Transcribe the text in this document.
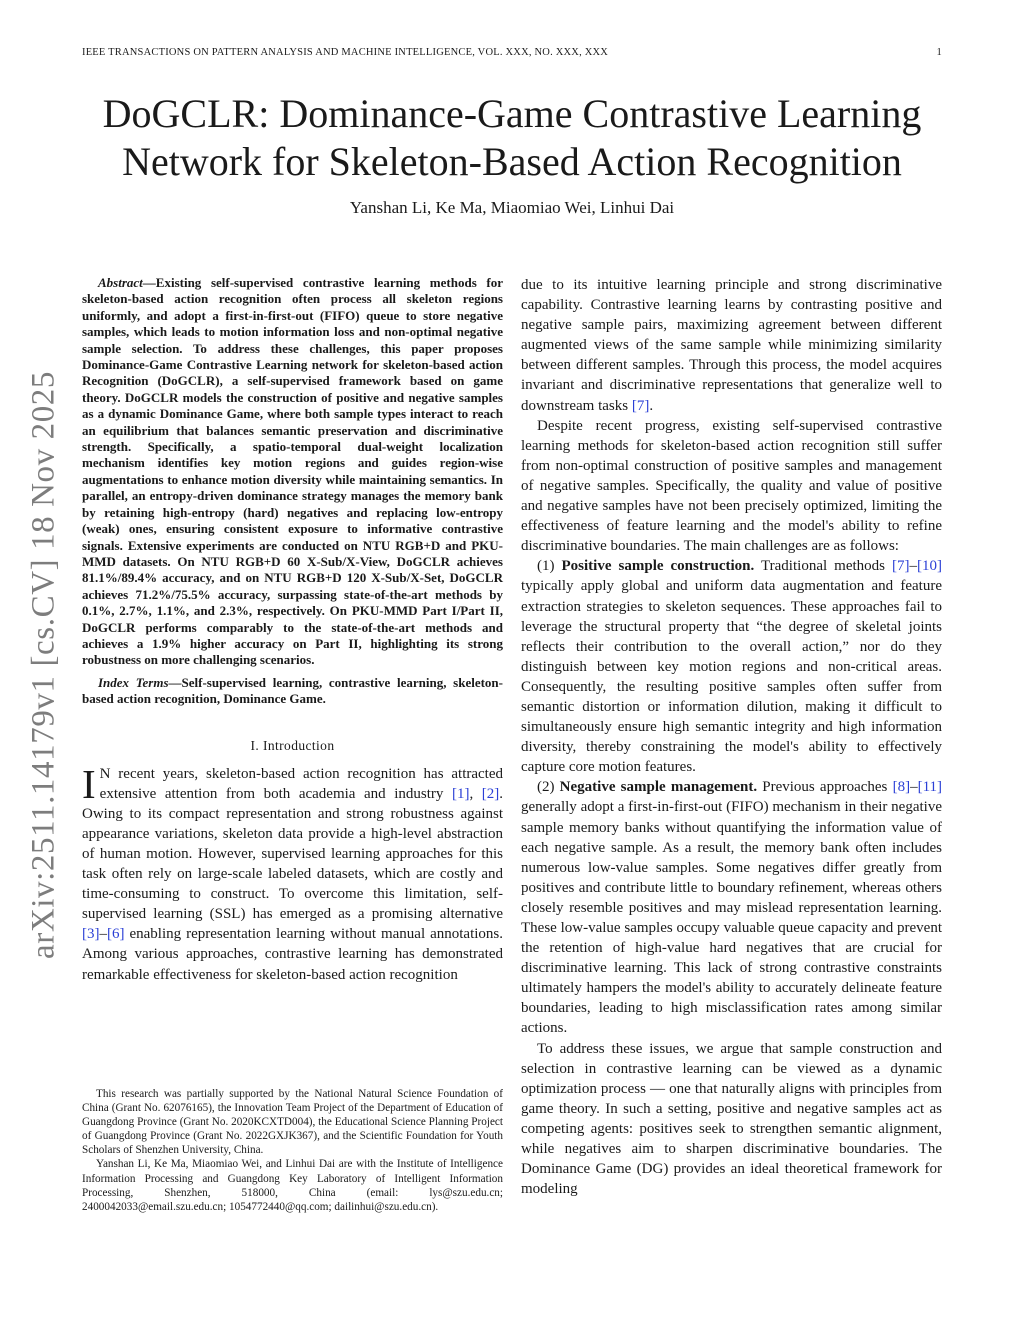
IEEE TRANSACTIONS ON PATTERN ANALYSIS AND MACHINE INTELLIGENCE, VOL. XXX, NO. XXX, XXX	1
DoGCLR: Dominance-Game Contrastive Learning
Network for Skeleton-Based Action Recognition
Yanshan Li, Ke Ma, Miaomiao Wei, Linhui Dai
arXiv:2511.14179v1 [cs.CV] 18 Nov 2025

Abstract—Existing self-supervised contrastive learning methods for skeleton-based action recognition often process all skeleton regions uniformly, and adopt a first-in-first-out (FIFO) queue to store negative samples, which leads to motion information loss and non-optimal negative sample selection. To address these challenges, this paper proposes Dominance-Game Contrastive Learning network for skeleton-based action Recognition (DoGCLR), a self-supervised framework based on game theory. DoGCLR models the construction of positive and negative samples as a dynamic Dominance Game, where both sample types interact to reach an equilibrium that balances semantic preservation and discriminative strength. Specifically, a spatio-temporal dual-weight localization mechanism identifies key motion regions and guides region-wise augmentations to enhance motion diversity while maintaining semantics. In parallel, an entropy-driven dominance strategy manages the memory bank by retaining high-entropy (hard) negatives and replacing low-entropy (weak) ones, ensuring consistent exposure to informative contrastive signals. Extensive experiments are conducted on NTU RGB+D and PKU-MMD datasets. On NTU RGB+D 60 X-Sub/X-View, DoGCLR achieves 81.1%/89.4% accuracy, and on NTU RGB+D 120 X-Sub/X-Set, DoGCLR achieves 71.2%/75.5% accuracy, surpassing state-of-the-art methods by 0.1%, 2.7%, 1.1%, and 2.3%, respectively. On PKU-MMD Part I/Part II, DoGCLR performs comparably to the state-of-the-art methods and achieves a 1.9% higher accuracy on Part II, highlighting its strong robustness on more challenging scenarios.

Index Terms—Self-supervised learning, contrastive learning, skeleton-based action recognition, Dominance Game.

I. Introduction

I N recent years, skeleton-based action recognition has attracted extensive attention from both academia and industry [1], [2]. Owing to its compact representation and strong robustness against appearance variations, skeleton data provide a high-level abstraction of human motion. However, supervised learning approaches for this task often rely on large-scale labeled datasets, which are costly and time-consuming to construct. To overcome this limitation, self-supervised learning (SSL) has emerged as a promising alternative [3]–[6] enabling representation learning without manual annotations. Among various approaches, contrastive learning has demonstrated remarkable effectiveness for skeleton-based action recognition

This research was partially supported by the National Natural Science Foundation of China (Grant No. 62076165), the Innovation Team Project of the Department of Education of Guangdong Province (Grant No. 2020KCXTD004), the Educational Science Planning Project of Guangdong Province (Grant No. 2022GXJK367), and the Scientific Foundation for Youth Scholars of Shenzhen University, China.

Yanshan Li, Ke Ma, Miaomiao Wei, and Linhui Dai are with the Institute of Intelligence Information Processing and Guangdong Key Laboratory of Intelligent Information Processing, Shenzhen, 518000, China (email: lys@szu.edu.cn; 2400042033@email.szu.edu.cn; 1054772440@qq.com; dailinhui@szu.edu.cn).

due to its intuitive learning principle and strong discriminative capability. Contrastive learning learns by contrasting positive and negative sample pairs, maximizing agreement between different augmented views of the same sample while minimizing similarity between different samples. Through this process, the model acquires invariant and discriminative representations that generalize well to downstream tasks [7].

Despite recent progress, existing self-supervised contrastive learning methods for skeleton-based action recognition still suffer from non-optimal construction of positive samples and management of negative samples. Specifically, the quality and value of positive and negative samples have not been precisely optimized, limiting the effectiveness of feature learning and the model's ability to refine discriminative boundaries. The main challenges are as follows:

(1) Positive sample construction. Traditional methods [7]–[10] typically apply global and uniform data augmentation and feature extraction strategies to skeleton sequences. These approaches fail to leverage the structural property that “the degree of skeletal joints reflects their contribution to the overall action,” nor do they distinguish between key motion regions and non-critical areas. Consequently, the resulting positive samples often suffer from semantic distortion or information dilution, making it difficult to simultaneously ensure high semantic integrity and high information diversity, thereby constraining the model's ability to effectively capture core motion features.

(2) Negative sample management. Previous approaches [8]–[11] generally adopt a first-in-first-out (FIFO) mechanism in their negative sample memory banks without quantifying the information value of each negative sample. As a result, the memory bank often includes numerous low-value samples. Some negatives differ greatly from positives and contribute little to boundary refinement, whereas others closely resemble positives and may mislead representation learning. These low-value samples occupy valuable queue capacity and prevent the retention of high-value hard negatives that are crucial for discriminative learning. This lack of strong contrastive constraints ultimately hampers the model's ability to accurately delineate feature boundaries, leading to high misclassification rates among similar actions.

To address these issues, we argue that sample construction and selection in contrastive learning can be viewed as a dynamic optimization process — one that naturally aligns with principles from game theory. In such a setting, positive and negative samples act as competing agents: positives seek to strengthen semantic alignment, while negatives aim to sharpen discriminative boundaries. The Dominance Game (DG) provides an ideal theoretical framework for modeling
